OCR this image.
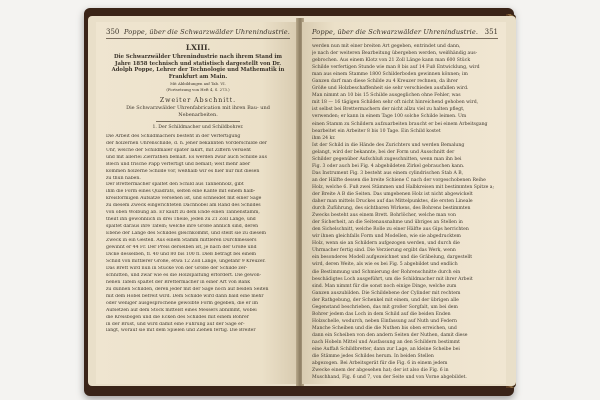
350 Poppe, über die Schwarzwälder Uhrenindustrie.
LXIII.
Die Schwarzwälder Uhrenindustrie nach ihrem Stand im Jahre 1858 technisch und statistisch dargestellt von Dr. Adolph Poppe, Lehrer der Technologie und Mathematik in Frankfurt am Main.
Mit Abbildungen auf Tab. VI.
(Fortsetzung von Heft 4, S. 273.)
Zweiter Abschnitt.
Die Schwarzwälder Uhrenfabrication mit ihren Bau- und Nebenarbeiten.
1. Der Schildmacher und Schildbohrer.
Die Arbeit des Schildmachers besteht in der Verfertigung
der hölzernen Uhrenschilde, d. h. jener bekannten Vorderschilde der
Uhr, welche der Schildmaler später lakirt, mit Ziffern versieht
und mit allerlei Zierrathen bemalt. Es werden zwar auch Schilde aus
Blech und frische Papp verfertigt und bemalt; weit mehr aber
kommen hölzerne Schilde vor, weßhalb wir es hier nur mit diesen
zu thun haben.
Der Brettermacher spaltet den Schild aus Tannenholz, gibt
ihm die Form eines Quadrats, selten eine Kante mit einem halb-
kreisförmigen Aufsatze versehen ist, und schneidet mit einer Säge
zu diesem Zweck eingerichteten Dachhobel am Rand des Schildes
von oben Wölbung ab. Er kauft zu dem Ende einen Tannenstamm,
theilt ihn gewöhnlich in drei Theile, jeden zu 21 Zoll Länge, und
spaltet daraus ihre Tafeln; welche ihre Größe ähnlich sind, deren
Ebene der Länge des Schildes gleichkommt, und stellt sie zu diesem
Zweck in ein Gestell. Aus einem Stamm mittleren Durchmessers
gewinnt er 44 Fr. Der Preis derselben ist, je nach der Größe und
Dicke desselben, fl. 40 und 80 bis 100 fl. Dieß beträgt bei einem
Schild von mittlerer Größe, etwa 12 Zoll Länge, ungefähr 9 Kreuzer.
Das Brett wird nun in Stücke von der Größe der Schilde zer-
schnitten, und zwar wie es die Holzspaltung erfordert. Die gewon-
nenen Tafeln spaltet der Brettermacher in einer Art von Bank
zu dünnen Schilden, deren jeder mit der Säge noch auf beiden Seiten
mit dem Hobel befreit wird. Dem Schilde wird dann bald eine mehr
oder weniger ausgesprochene gewölbte Form gegeben, die er im
Aufsetzen auf dem Stock mittelst eines Messers abnimmt, wobei
die Kreisbögen und die Ecken des Schildes mit einem Bohrer
in der Brust, und wird damit eine Führung auf der Säge er-
langt, worauf sie mit dem Spielen und Ziehen fertig. Die Breiter
Poppe, über die Schwarzwälder Uhrenindustrie. 351
werden nun mit einer breiten Art gegeben, entrindet und dann,
je nach der weiteren Bearbeitung übergeben werden, weißhändig aus-
gebrochen. Aus einem Klotz von 21 Zoll Länge kann man 600 Stück
Schilde verfertigen Stunde wie man 8 bis auf 14 Fuß Entwicklung, wird
man aus einem Stamme 1800 Schilderboden gewinnen können; im
Ganzen darf man diese Schilde zu 4 Kreuzer rechnen, da ihrer
Größe und Holzbeschaffenheit sie sehr verschieden ausfallen wird.
Man nimmt an 10 bis 15 Schilde ausgeglichen ohne Fehler, was
mit 18 — 16 tägigen Schilden sehr oft nicht hinreichend gehoben wird,
ist selbst bei Brettermachern der nicht allzu viel zu halten pflegt,
verwenden; er kann in einem Tage 100 solche Schilde leimen. Um
einen Stamm zu Schildern aufzuarbeiten braucht er bei einem Arbeitsgang
bearbeitet ein Arbeiter 8 bis 10 Tage. Ein Schild kostet
ihm 24 kr.
Ist der Schild in die Hände des Zurichters und werden Bemalung
gelangt, wird der bekannte, bei der Form und Ausschnitt der
Schilder gegenüber Aufschluß zugeschnitten, wenn man ihn bei
Fig. 3 oder auch bei Fig. 4 abgebildeten Zirkel gebrauchen kann.
Das Instrument Fig. 3 besteht aus einem cylindrischen Stab A B,
an der Hälfte dessen die breite Schiene C nach der vorgeschobenen Reihe
Holz, welche 6. Fuß zwei Stämmen und Halbkreisen mit bestimmten Spitze a;
der Breite A B die Seiten. Das umgebenen Holz ist nicht abgewickelt
daher man mittels Druckes auf das Mittelpunktes, die ersten Lineale
durch Zuführung, des sichtbaren Wirkens, des Bohrens bestimmten
Zwecks besteht aus einem Brett. Bohrlöcher, welche man von
der Sicherheit, an die Seitenausnahme und übriges an Stellen in
den Sichelschnitt, welche Rolle zu einer Hälfte aus Gips herrichten
wir ihnen gleichfalls Form und Modellen, wie sie abgedrucktem
Holz, wenn sie an Schildern aufgezogen werden, und durch die
Uhrmacher fertig sind. Die Verzierung ergibt das Werk, wenn
ein besonderes Modell aufgezeichnet und die Gräbelung, dargestellt
wird, deren Weite, als wie es bei Fig. 5 abgebildet und endlich
die Bestimmung und Schmierung der Rohrenschnitte durch ein
beschädigtes Loch ausgeführt, um die Schildmacher mit ihrer Arbeit
sind. Man nimmt für die sonst noch einige Dinge, welche zum
Ganzen auszubilden. Die Schildebene der Cylinder mit rechtem
der Rathgebung, der Schenkel mit einem, und der übrigen alle
Gegenstand beschrieben, das mit großer Sorgfalt, um bei dem
Bohrer jedem das Loch in dem Schild auf die beiden Enden
Holzschelle, wodurch, neben Einfassung auf Nuth und Federn
Manche Scheiben und die die Nuthen bis oben erreichen, und
dann ein Scheiben von den andern Seiten der Nuthen, damit diese
nach Hobeln Mittel und Ausfassung an den Schildern bestimmt
eine Auffaß Schildbretter, dann zur Lage, an kleine Scheibe bei
die Stämme jedes Schildes herum. In beiden Stellen
abgezogen. Bei Arbeitsgerät für die Fig. 6 in einem jedem
Zwecke einem der abgesehen hat; der ist also die Fig. 6 in
Muschhand, Fig. 6 und 7, von der Seite und von Vorne abgebildet.
